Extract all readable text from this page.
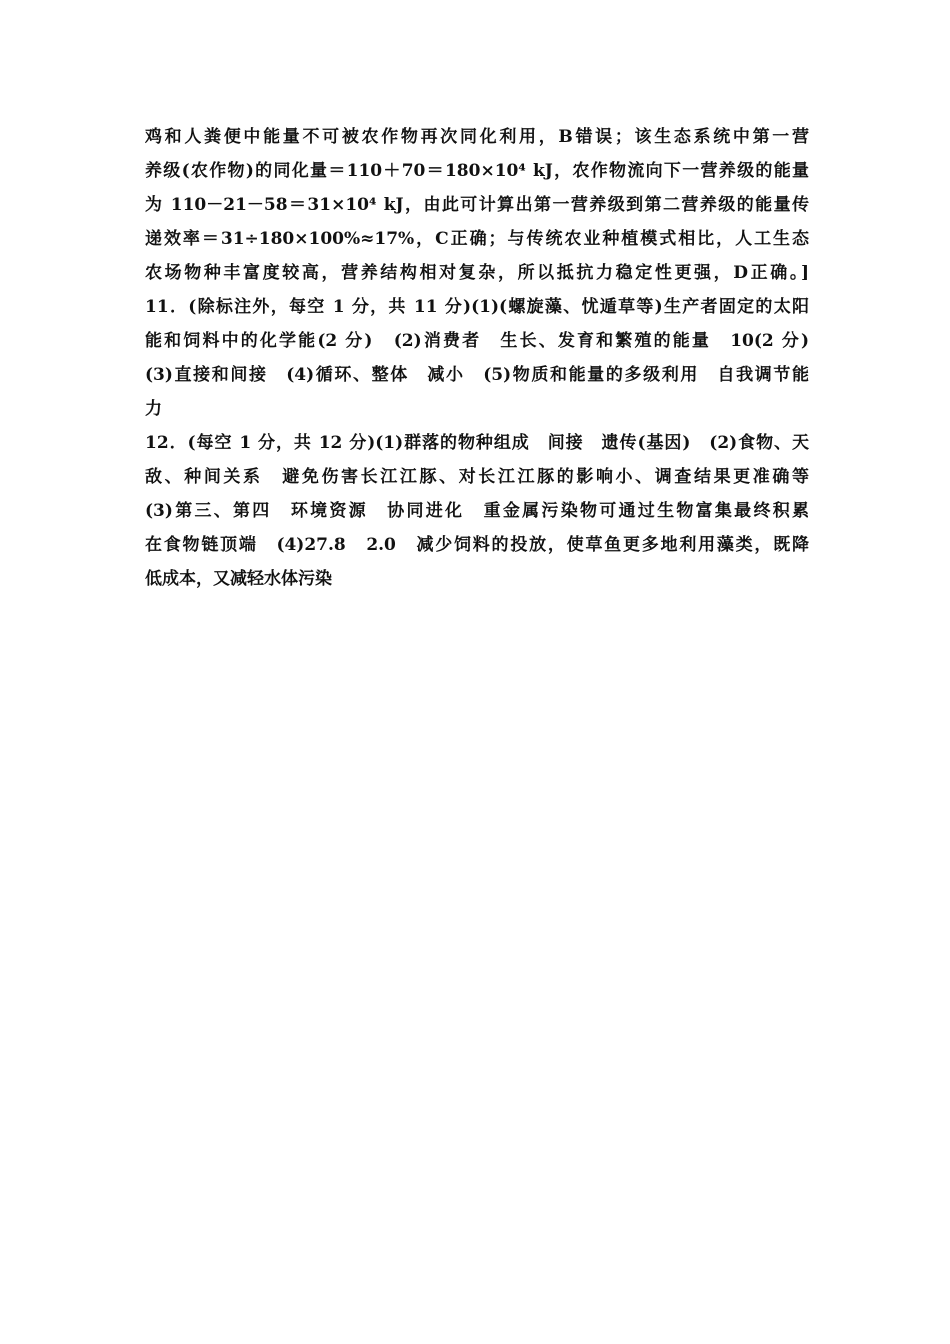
鸡和人粪便中能量不可被农作物再次同化利用，B错误；该生态系统中第一营
养级(农作物)的同化量＝110＋70＝180×10⁴ kJ，农作物流向下一营养级的能量
为 110－21－58＝31×10⁴ kJ，由此可计算出第一营养级到第二营养级的能量传
递效率＝31÷180×100%≈17%，C正确；与传统农业种植模式相比，人工生态
农场物种丰富度较高，营养结构相对复杂，所以抵抗力稳定性更强，D正确。]
11．(除标注外，每空 1 分，共 11 分)(1)(螺旋藻、忧遁草等)生产者固定的太阳
能和饲料中的化学能(2 分)　(2)消费者　生长、发育和繁殖的能量　10(2 分)
(3)直接和间接　(4)循环、整体　减小　(5)物质和能量的多级利用　自我调节能
力
12．(每空 1 分，共 12 分)(1)群落的物种组成　间接　遗传(基因)　(2)食物、天
敌、种间关系　避免伤害长江江豚、对长江江豚的影响小、调查结果更准确等
(3)第三、第四　环境资源　协同进化　重金属污染物可通过生物富集最终积累
在食物链顶端　(4)27.8　2.0　减少饲料的投放，使草鱼更多地利用藻类，既降
低成本，又减轻水体污染
